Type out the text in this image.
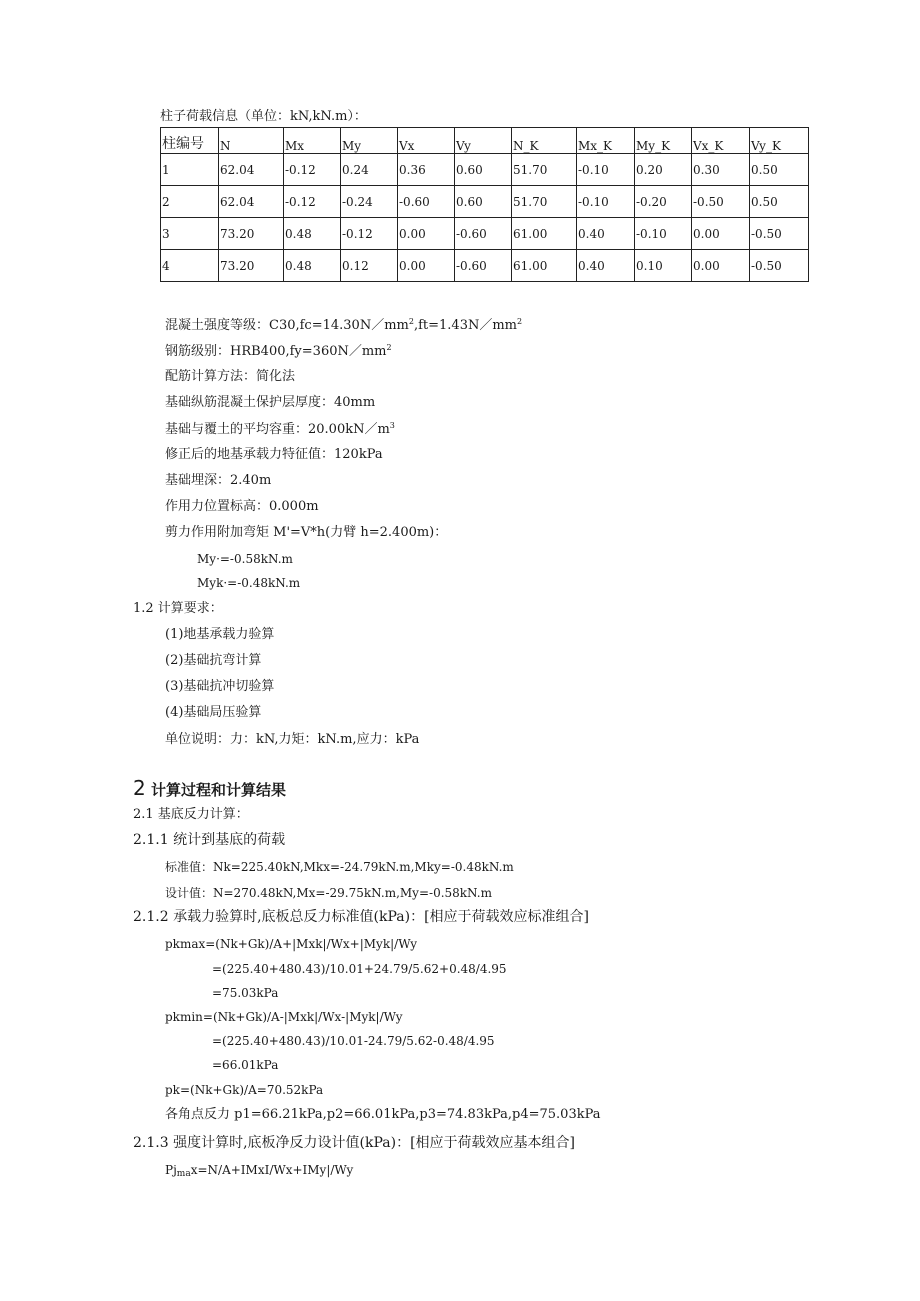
柱子荷载信息（单位：kN,kN.m）：
柱编号	N	Mx	My	Vx	Vy	N_K	Mx_K	My_K	Vx_K	Vy_K
1	62.04	-0.12	0.24	0.36	0.60	51.70	-0.10	0.20	0.30	0.50
2	62.04	-0.12	-0.24	-0.60	0.60	51.70	-0.10	-0.20	-0.50	0.50
3	73.20	0.48	-0.12	0.00	-0.60	61.00	0.40	-0.10	0.00	-0.50
4	73.20	0.48	0.12	0.00	-0.60	61.00	0.40	0.10	0.00	-0.50
混凝土强度等级：$C30,fc=14.30N/mm^2,ft=1.43N/mm^2$
钢筋级别：$HRB400,fy=360N/mm^2$
配筋计算方法：简化法
基础纵筋混凝土保护层厚度：40mm
基础与覆土的平均容重：$20.00kN/m^3$
修正后的地基承载力特征值：120kPa
基础埋深：2.40m
作用力位置标高：0.000m
剪力作用附加弯矩 M'=V*h(力臂 h=2.400m)：
My·=-0.58kN.m
Myk·=-0.48kN.m
1.2 计算要求：
(1)地基承载力验算
(2)基础抗弯计算
(3)基础抗冲切验算
(4)基础局压验算
单位说明：力：kN,力矩：kN.m,应力：kPa
2 计算过程和计算结果
2.1 基底反力计算：
2.1.1 统计到基底的荷载
标准值：Nk=225.40kN,Mkx=-24.79kN.m,Mky=-0.48kN.m
设计值：N=270.48kN,Mx=-29.75kN.m,My=-0.58kN.m
2.1.2 承载力验算时,底板总反力标准值(kPa)：[相应于荷载效应标准组合]
pkmax=(Nk+Gk)/A+|Mxk|/Wx+|Myk|/Wy
=(225.40+480.43)/10.01+24.79/5.62+0.48/4.95
=75.03kPa
pkmin=(Nk+Gk)/A-|Mxk|/Wx-|Myk|/Wy
=(225.40+480.43)/10.01-24.79/5.62-0.48/4.95
=66.01kPa
pk=(Nk+Gk)/A=70.52kPa
各角点反力 p1=66.21kPa,p2=66.01kPa,p3=74.83kPa,p4=75.03kPa
2.1.3 强度计算时,底板净反力设计值(kPa)：[相应于荷载效应基本组合]
$Pj_{ma}x=N/A+IMxI/Wx+IMy|/Wy$
